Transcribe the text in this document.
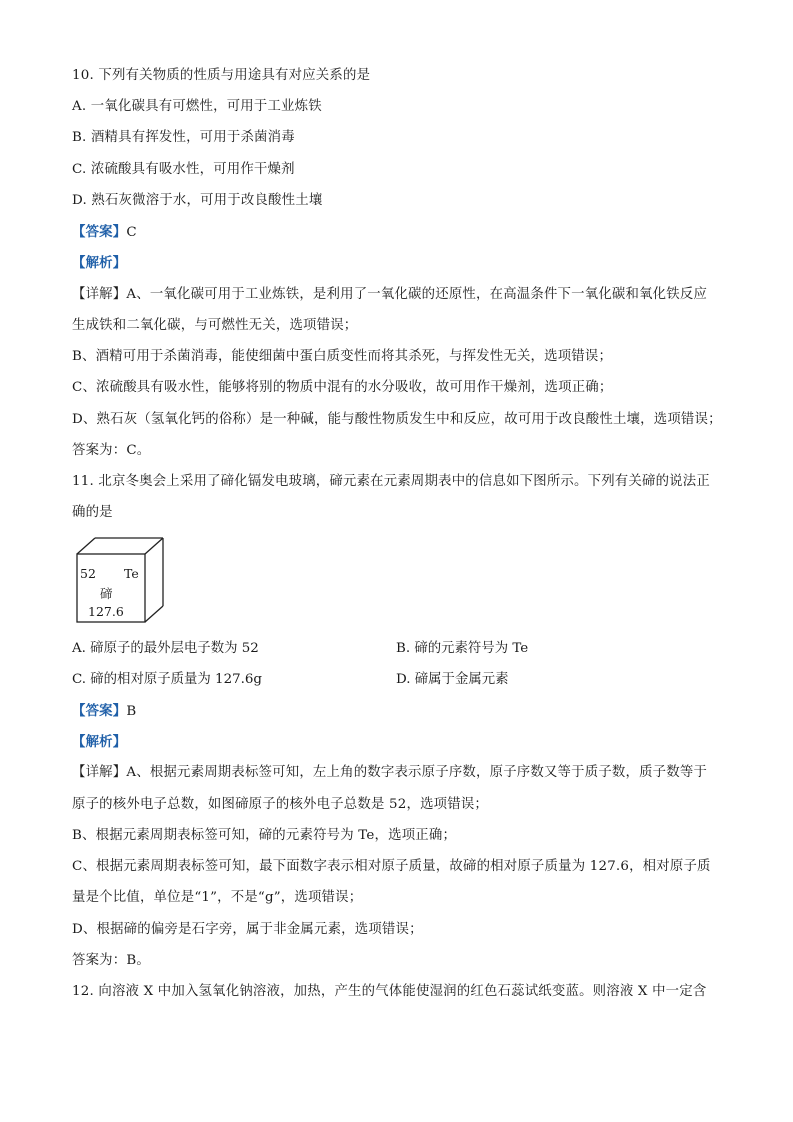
10. 下列有关物质的性质与用途具有对应关系的是
A. 一氧化碳具有可燃性，可用于工业炼铁
B. 酒精具有挥发性，可用于杀菌消毒
C. 浓硫酸具有吸水性，可用作干燥剂
D. 熟石灰微溶于水，可用于改良酸性土壤
【答案】C
【解析】
【详解】A、一氧化碳可用于工业炼铁，是利用了一氧化碳的还原性，在高温条件下一氧化碳和氧化铁反应
生成铁和二氧化碳，与可燃性无关，选项错误；
B、酒精可用于杀菌消毒，能使细菌中蛋白质变性而将其杀死，与挥发性无关，选项错误；
C、浓硫酸具有吸水性，能够将别的物质中混有的水分吸收，故可用作干燥剂，选项正确；
D、熟石灰（氢氧化钙的俗称）是一种碱，能与酸性物质发生中和反应，故可用于改良酸性土壤，选项错误；
答案为：C。
11. 北京冬奥会上采用了碲化镉发电玻璃，碲元素在元素周期表中的信息如下图所示。下列有关碲的说法正
确的是
52 Te
碲
127.6
A. 碲原子的最外层电子数为 52	B. 碲的元素符号为 Te
C. 碲的相对原子质量为 127.6g	D. 碲属于金属元素
【答案】B
【解析】
【详解】A、根据元素周期表标签可知，左上角的数字表示原子序数，原子序数又等于质子数，质子数等于
原子的核外电子总数，如图碲原子的核外电子总数是 52，选项错误；
B、根据元素周期表标签可知，碲的元素符号为 Te，选项正确；
C、根据元素周期表标签可知，最下面数字表示相对原子质量，故碲的相对原子质量为 127.6，相对原子质
量是个比值，单位是“1”，不是“g”，选项错误；
D、根据碲的偏旁是石字旁，属于非金属元素，选项错误；
答案为：B。
12. 向溶液 X 中加入氢氧化钠溶液，加热，产生的气体能使湿润的红色石蕊试纸变蓝。则溶液 X 中一定含
